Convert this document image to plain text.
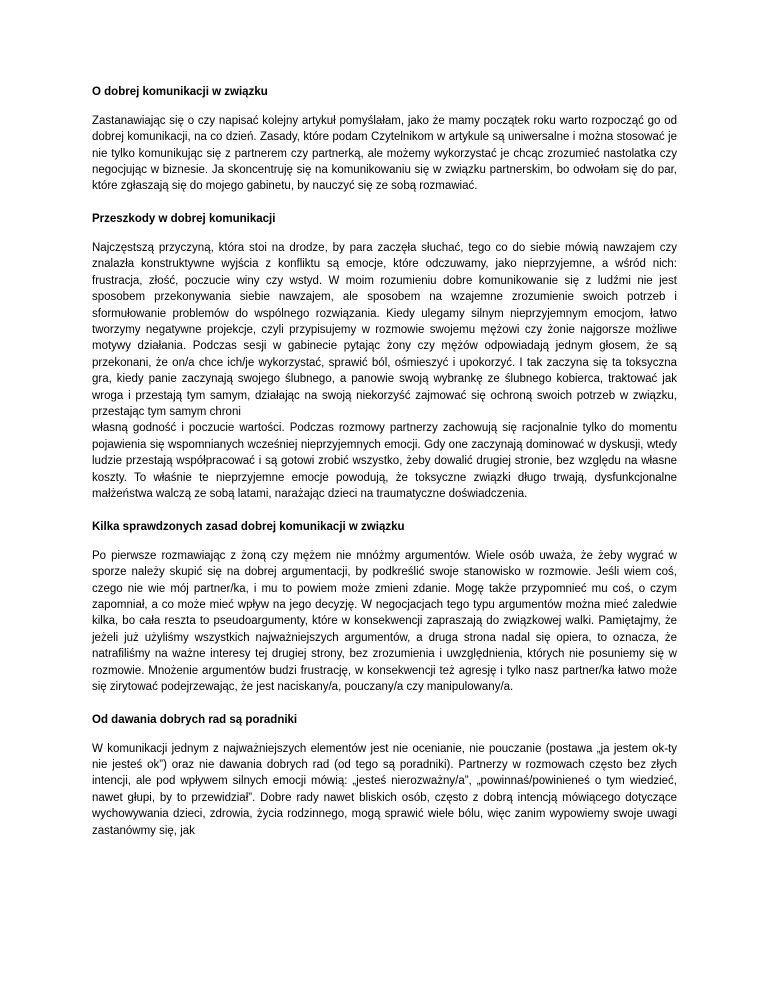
O dobrej komunikacji w związku

Zastanawiając się o czy napisać kolejny artykuł pomyślałam, jako że mamy początek roku warto rozpocząć go od dobrej komunikacji, na co dzień. Zasady, które podam Czytelnikom w artykule są uniwersalne i można stosować je nie tylko komunikując się z partnerem czy partnerką, ale możemy wykorzystać je chcąc zrozumieć nastolatka czy negocjując w biznesie. Ja skoncentruję się na komunikowaniu się w związku partnerskim, bo odwołam się do par, które zgłaszają się do mojego gabinetu, by nauczyć się ze sobą rozmawiać.

Przeszkody w dobrej komunikacji

Najczęstszą przyczyną, która stoi na drodze, by para zaczęła słuchać, tego co do siebie mówią nawzajem czy znalazła konstruktywne wyjścia z konfliktu są emocje, które odczuwamy, jako nieprzyjemne, a wśród nich: frustracja, złość, poczucie winy czy wstyd. W moim rozumieniu dobre komunikowanie się z ludźmi nie jest sposobem przekonywania siebie nawzajem, ale sposobem na wzajemne zrozumienie swoich potrzeb i sformułowanie problemów do wspólnego rozwiązania. Kiedy ulegamy silnym nieprzyjemnym emocjom, łatwo tworzymy negatywne projekcje, czyli przypisujemy w rozmowie swojemu mężowi czy żonie najgorsze możliwe motywy działania. Podczas sesji w gabinecie pytając żony czy mężów odpowiadają jednym głosem, że są przekonani, że on/a chce ich/je wykorzystać, sprawić ból, ośmieszyć i upokorzyć. I tak zaczyna się ta toksyczna gra, kiedy panie zaczynają swojego ślubnego, a panowie swoją wybrankę ze ślubnego kobierca, traktować jak wroga i przestają tym samym, działając na swoją niekorzyść zajmować się ochroną swoich potrzeb w związku, przestając tym samym chroni
własną godność i poczucie wartości. Podczas rozmowy partnerzy zachowują się racjonalnie tylko do momentu pojawienia się wspomnianych wcześniej nieprzyjemnych emocji. Gdy one zaczynają dominować w dyskusji, wtedy ludzie przestają współpracować i są gotowi zrobić wszystko, żeby dowalić drugiej stronie, bez względu na własne koszty. To właśnie te nieprzyjemne emocje powodują, że toksyczne związki długo trwają, dysfunkcjonalne małżeństwa walczą ze sobą latami, narażając dzieci na traumatyczne doświadczenia.

Kilka sprawdzonych zasad dobrej komunikacji w związku

Po pierwsze rozmawiając z żoną czy mężem nie mnóżmy argumentów. Wiele osób uważa, że żeby wygrać w sporze należy skupić się na dobrej argumentacji, by podkreślić swoje stanowisko w rozmowie. Jeśli wiem coś, czego nie wie mój partner/ka, i mu to powiem może zmieni zdanie. Mogę także przypomnieć mu coś, o czym zapomniał, a co może mieć wpływ na jego decyzję. W negocjacjach tego typu argumentów można mieć zaledwie kilka, bo cała reszta to pseudoargumenty, które w konsekwencji zapraszają do związkowej walki. Pamiętajmy, że jeżeli już użyliśmy wszystkich najważniejszych argumentów, a druga strona nadal się opiera, to oznacza, że natrafiliśmy na ważne interesy tej drugiej strony, bez zrozumienia i uwzględnienia, których nie posuniemy się w rozmowie. Mnożenie argumentów budzi frustrację, w konsekwencji też agresję i tylko nasz partner/ka łatwo może się zirytować podejrzewając, że jest naciskany/a, pouczany/a czy manipulowany/a.

Od dawania dobrych rad są poradniki

W komunikacji jednym z najważniejszych elementów jest nie ocenianie, nie pouczanie (postawa „ja jestem ok-ty nie jesteś ok”) oraz nie dawania dobrych rad (od tego są poradniki). Partnerzy w rozmowach często bez złych intencji, ale pod wpływem silnych emocji mówią: „jesteś nierozważny/a”, „powinnaś/powinieneś o tym wiedzieć, nawet głupi, by to przewidział”. Dobre rady nawet bliskich osób, często z dobrą intencją mówiącego dotyczące wychowywania dzieci, zdrowia, życia rodzinnego, mogą sprawić wiele bólu, więc zanim wypowiemy swoje uwagi zastanówmy się, jak
